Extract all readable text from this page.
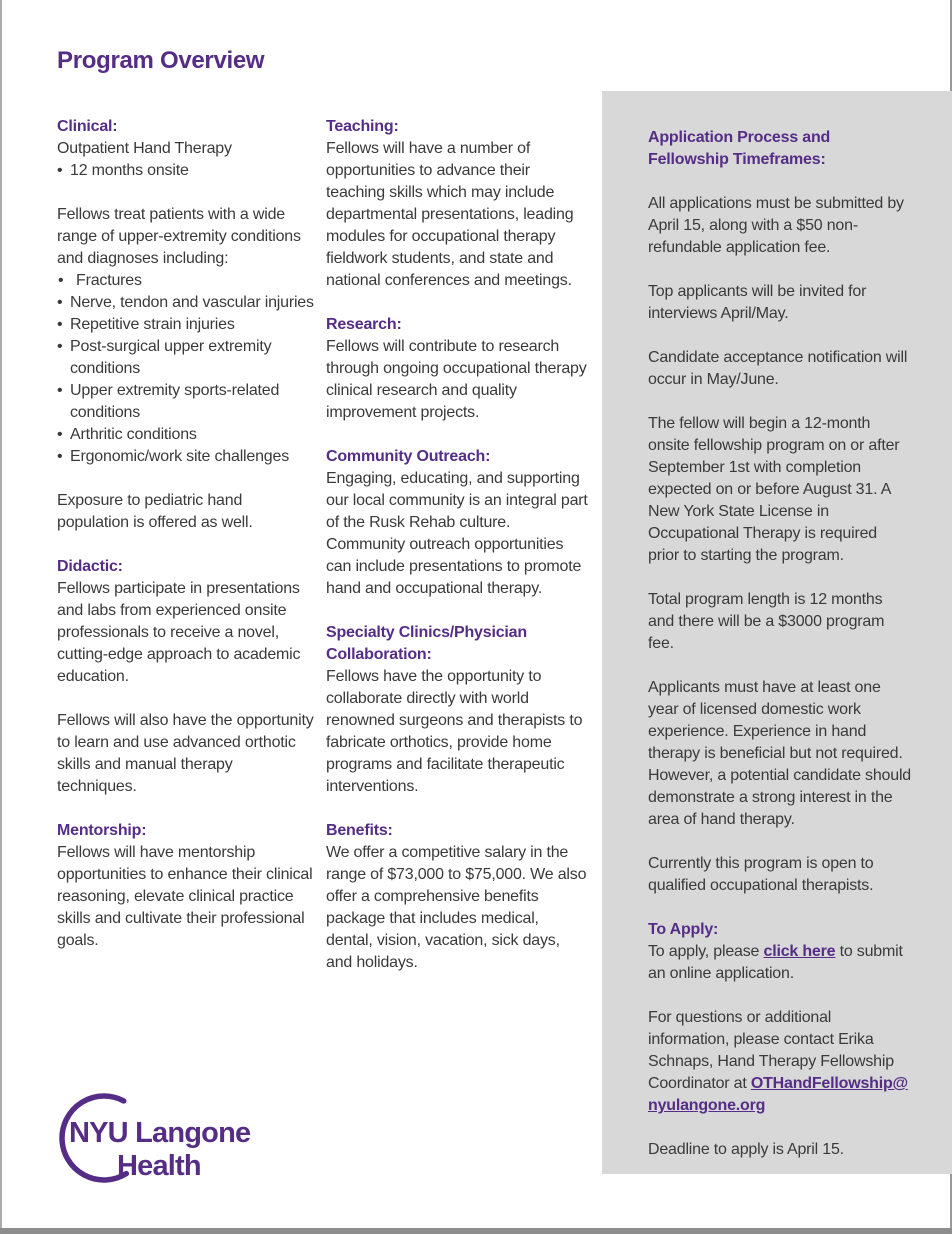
Program Overview
Clinical:

Outpatient Hand Therapy

• 12 months onsite

Fellows treat patients with a wide range of upper-extremity conditions and diagnoses including:

• Fractures
• Nerve, tendon and vascular injuries
• Repetitive strain injuries
• Post-surgical upper extremity conditions
• Upper extremity sports-related conditions
• Arthritic conditions
• Ergonomic/work site challenges

Exposure to pediatric hand population is offered as well.

Didactic:

Fellows participate in presentations and labs from experienced onsite professionals to receive a novel, cutting-edge approach to academic education.

Fellows will also have the opportunity to learn and use advanced orthotic skills and manual therapy techniques.

Mentorship:

Fellows will have mentorship opportunities to enhance their clinical reasoning, elevate clinical practice skills and cultivate their professional goals.

Teaching:

Fellows will have a number of opportunities to advance their teaching skills which may include departmental presentations, leading modules for occupational therapy fieldwork students, and state and national conferences and meetings.

Research:

Fellows will contribute to research through ongoing occupational therapy clinical research and quality improvement projects.

Community Outreach:

Engaging, educating, and supporting our local community is an integral part of the Rusk Rehab culture. Community outreach opportunities can include presentations to promote hand and occupational therapy.

Specialty Clinics/Physician Collaboration:

Fellows have the opportunity to collaborate directly with world renowned surgeons and therapists to fabricate orthotics, provide home programs and facilitate therapeutic interventions.

Benefits:

We offer a competitive salary in the range of $73,000 to $75,000. We also offer a comprehensive benefits package that includes medical, dental, vision, vacation, sick days, and holidays.

Application Process and Fellowship Timeframes:

All applications must be submitted by April 15, along with a $50 non-refundable application fee.

Top applicants will be invited for interviews April/May.

Candidate acceptance notification will occur in May/June.

The fellow will begin a 12-month onsite fellowship program on or after September 1st with completion expected on or before August 31. A New York State License in Occupational Therapy is required prior to starting the program.

Total program length is 12 months and there will be a $3000 program fee.

Applicants must have at least one year of licensed domestic work experience. Experience in hand therapy is beneficial but not required. However, a potential candidate should demonstrate a strong interest in the area of hand therapy.

Currently this program is open to qualified occupational therapists.

To Apply:

To apply, please click here to submit an online application.

For questions or additional information, please contact Erika Schnaps, Hand Therapy Fellowship Coordinator at OTHandFellowship@nyulangone.org

Deadline to apply is April 15.

NYU Langone
Health
